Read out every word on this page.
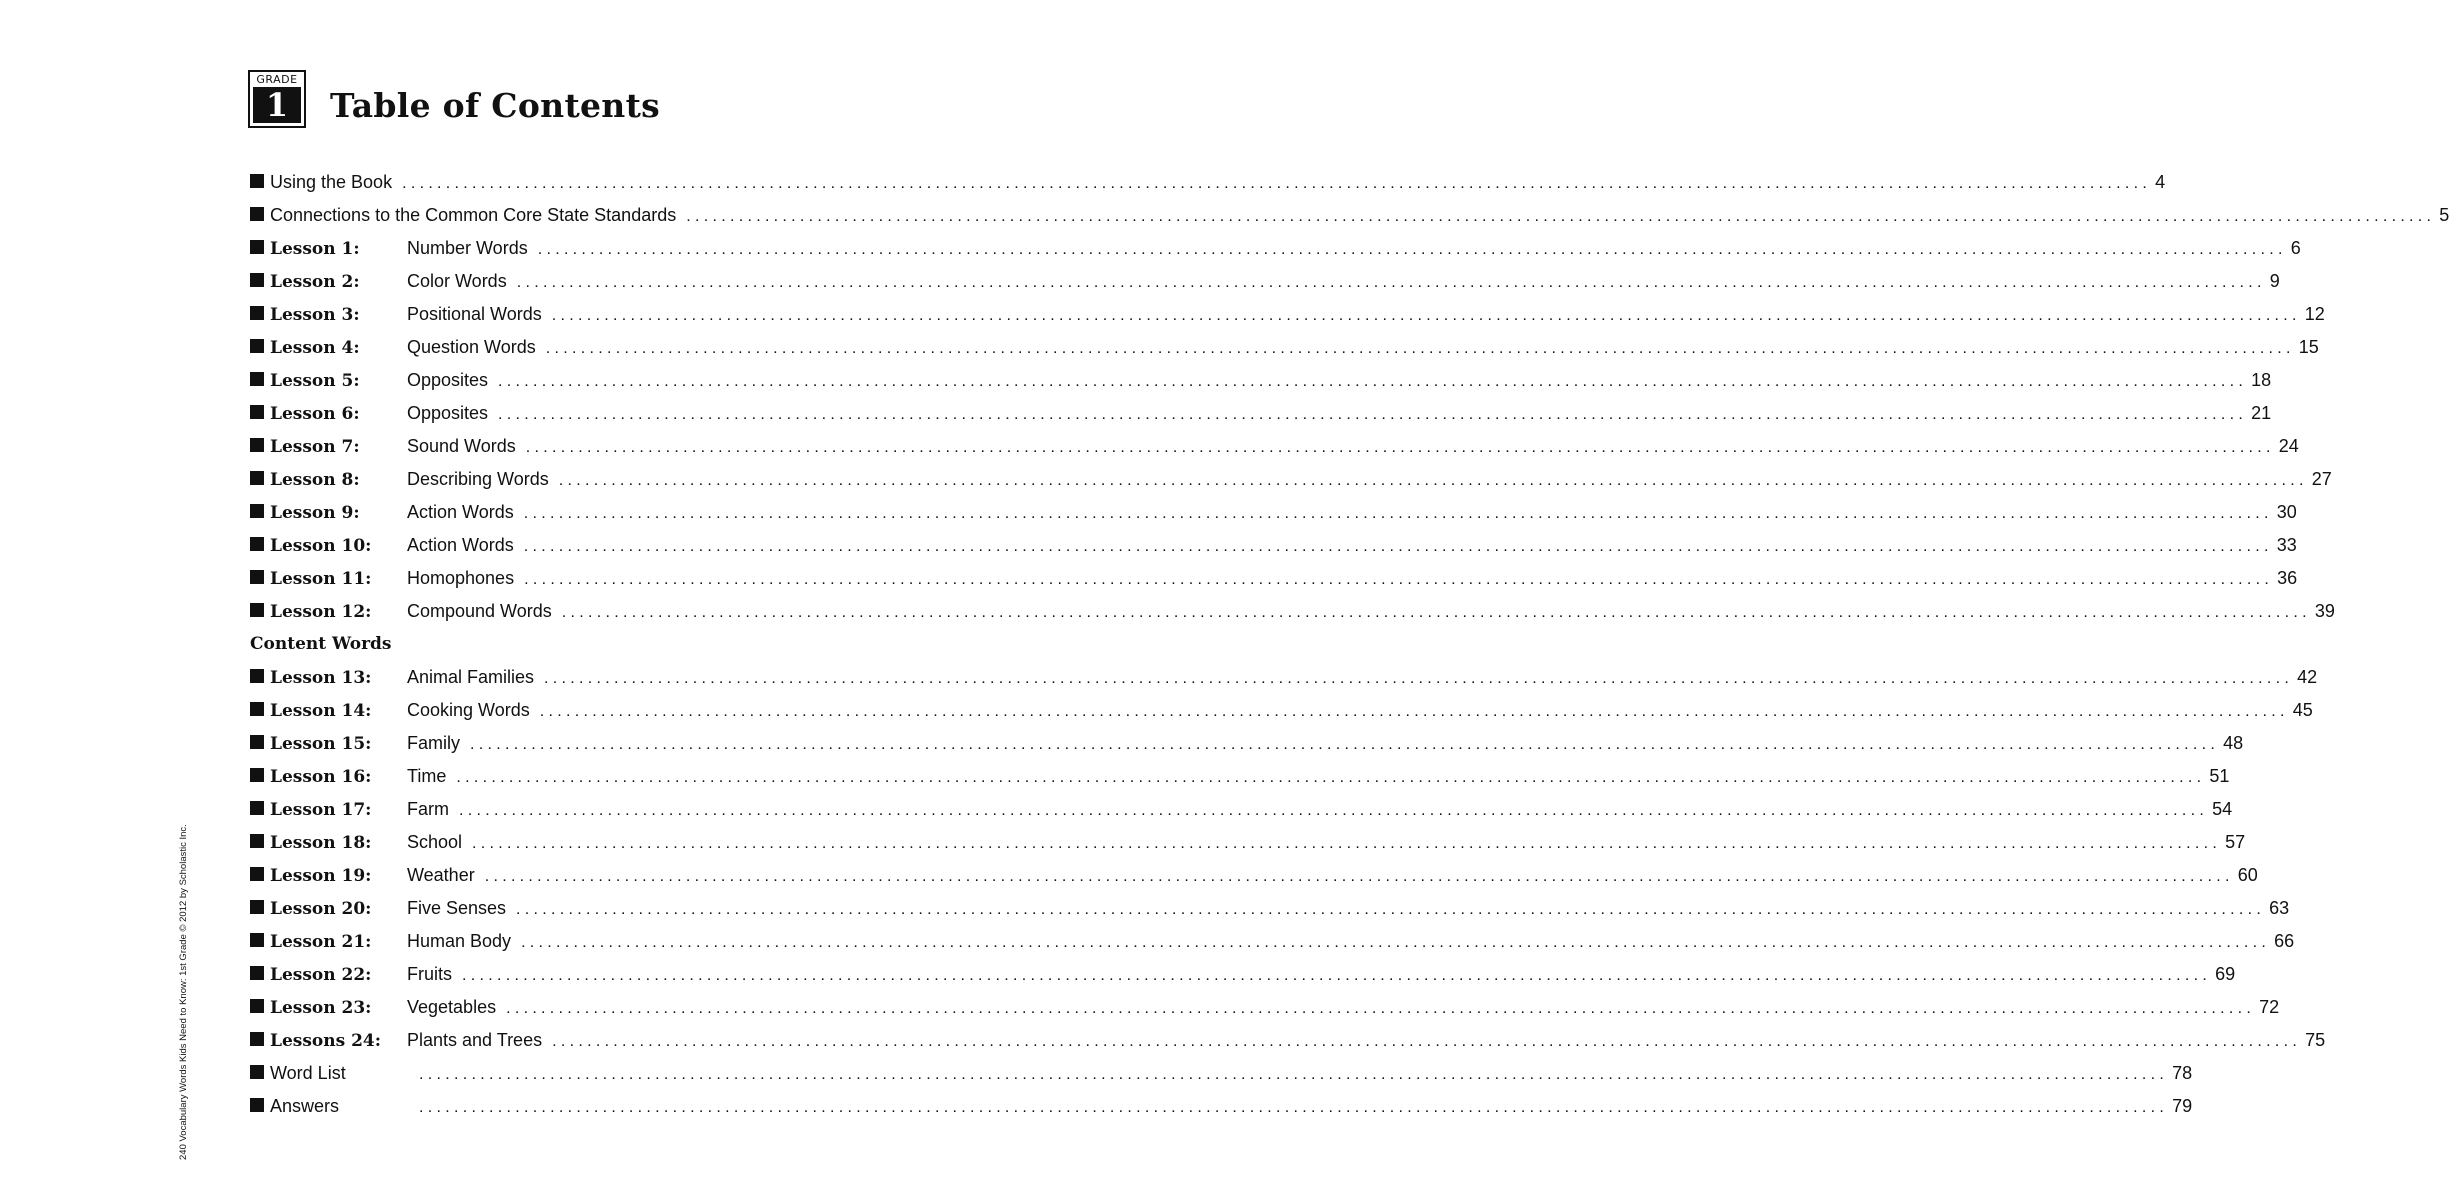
GRADE
1	Table of Contents
Using the Book ........................................................................................................................................................................................................ 4
Connections to the Common Core State Standards ........................................................................................................................................................................................................ 5
Lesson 1:	Number Words ........................................................................................................................................................................................................ 6
Lesson 2:	Color Words ........................................................................................................................................................................................................ 9
Lesson 3:	Positional Words ........................................................................................................................................................................................................ 12
Lesson 4:	Question Words ........................................................................................................................................................................................................ 15
Lesson 5:	Opposites ........................................................................................................................................................................................................ 18
Lesson 6:	Opposites ........................................................................................................................................................................................................ 21
Lesson 7:	Sound Words ........................................................................................................................................................................................................ 24
Lesson 8:	Describing Words ........................................................................................................................................................................................................ 27
Lesson 9:	Action Words ........................................................................................................................................................................................................ 30
Lesson 10:	Action Words ........................................................................................................................................................................................................ 33
Lesson 11:	Homophones ........................................................................................................................................................................................................ 36
Lesson 12:	Compound Words ........................................................................................................................................................................................................ 39
Content Words
Lesson 13:	Animal Families ........................................................................................................................................................................................................ 42
Lesson 14:	Cooking Words ........................................................................................................................................................................................................ 45
Lesson 15:	Family ........................................................................................................................................................................................................ 48
Lesson 16:	Time ........................................................................................................................................................................................................ 51
Lesson 17:	Farm ........................................................................................................................................................................................................ 54
Lesson 18:	School ........................................................................................................................................................................................................ 57
Lesson 19:	Weather ........................................................................................................................................................................................................ 60
Lesson 20:	Five Senses ........................................................................................................................................................................................................ 63
Lesson 21:	Human Body ........................................................................................................................................................................................................ 66
Lesson 22:	Fruits ........................................................................................................................................................................................................ 69
Lesson 23:	Vegetables ........................................................................................................................................................................................................ 72
Lessons 24:	Plants and Trees ........................................................................................................................................................................................................ 75
Word List	........................................................................................................................................................................................................ 78
Answers	........................................................................................................................................................................................................ 79
240 Vocabulary Words Kids Need to Know: 1st Grade © 2012 by Scholastic Inc.
